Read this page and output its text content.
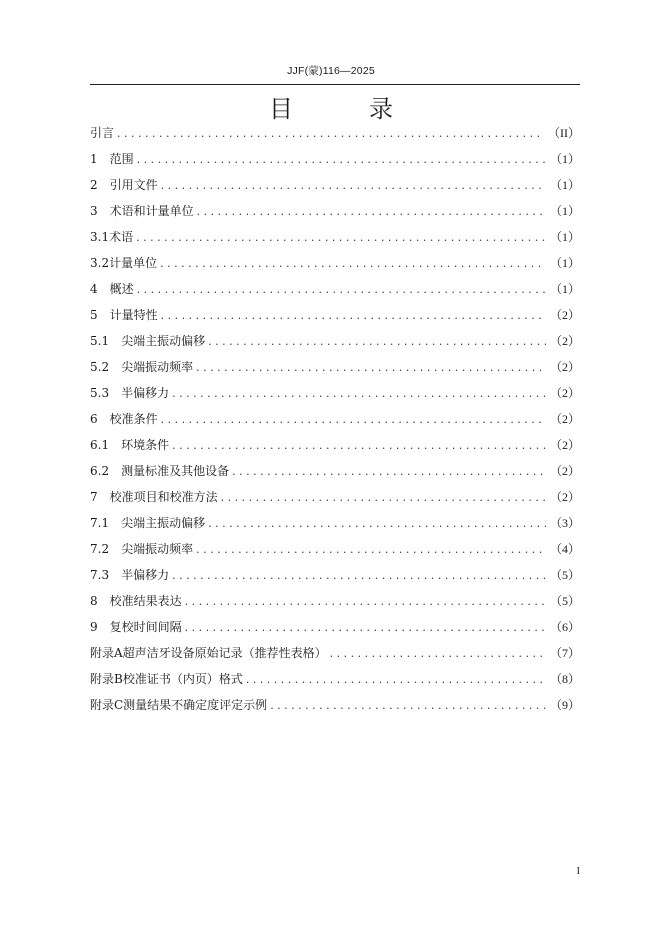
JJF(蒙)116—2025
目　录
引言 . . .	（II）
1　 范围 . . .	（1）
2　 引用文件 . . .	（1）
3　 术语和计量单位 . . .	（1）
3.1 术语 . . .	（1）
3.2 计量单位 . . .	（1）
4　 概述 . . .	（1）
5　 计量特性 . . .	（2）
5.1　 尖端主振动偏移 . . .	（2）
5.2　 尖端振动频率 . . .	（2）
5.3　 半偏移力 . . .	（2）
6　 校准条件 . . .	（2）
6.1　 环境条件 . . .	（2）
6.2　 测量标准及其他设备 . . .	（2）
7　 校准项目和校准方法 . . .	（2）
7.1　 尖端主振动偏移 . . .	（3）
7.2　 尖端振动频率 . . .	（4）
7.3　 半偏移力 . . .	（5）
8　 校准结果表达 . . .	（5）
9　 复校时间间隔 . . .	（6）
附录A超声洁牙设备原始记录（推荐性表格） . . .	（7）
附录B校准证书（内页）格式 . . .	（8）
附录C测量结果不确定度评定示例 . . .	（9）
I
